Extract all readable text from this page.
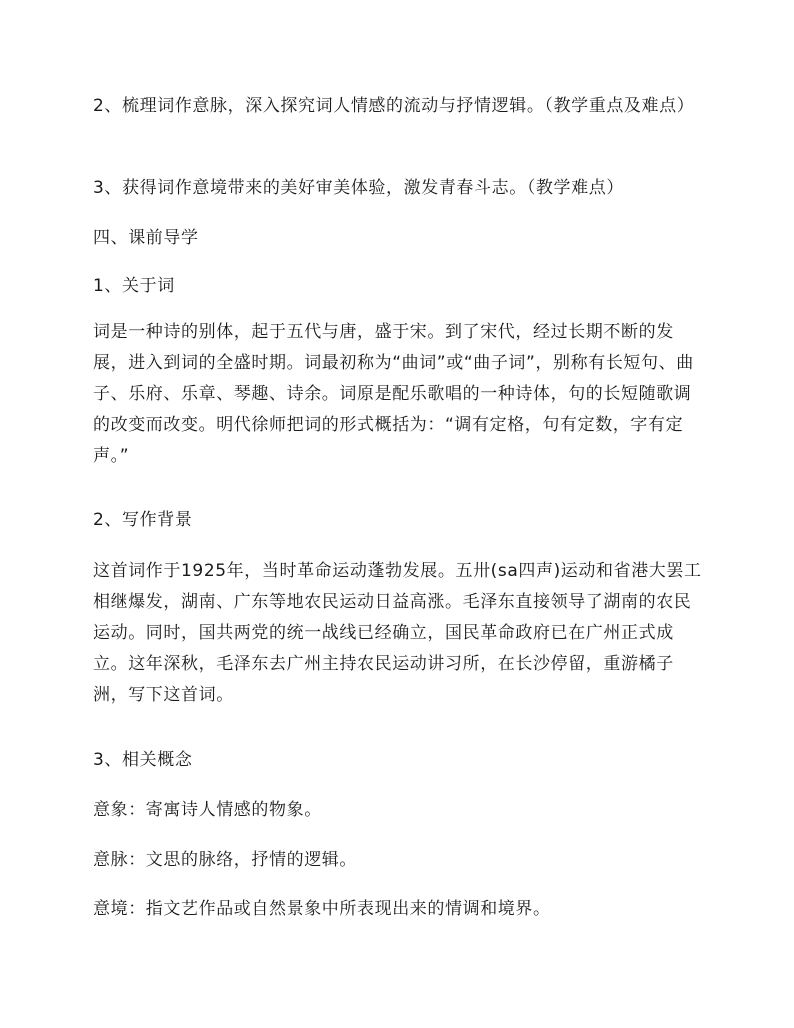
2、梳理词作意脉，深入探究词人情感的流动与抒情逻辑。（教学重点及难点）

3、获得词作意境带来的美好审美体验，激发青春斗志。（教学难点）

四、课前导学

1、关于词

词是一种诗的别体，起于五代与唐，盛于宋。到了宋代，经过长期不断的发展，进入到词的全盛时期。词最初称为“曲词”或“曲子词”，别称有长短句、曲子、乐府、乐章、琴趣、诗余。词原是配乐歌唱的一种诗体，句的长短随歌调的改变而改变。明代徐师把词的形式概括为：“调有定格，句有定数，字有定声。”

2、写作背景

这首词作于1925年，当时革命运动蓬勃发展。五卅(sa四声)运动和省港大罢工相继爆发，湖南、广东等地农民运动日益高涨。毛泽东直接领导了湖南的农民运动。同时，国共两党的统一战线已经确立，国民革命政府已在广州正式成立。这年深秋，毛泽东去广州主持农民运动讲习所，在长沙停留，重游橘子洲，写下这首词。

3、相关概念

意象：寄寓诗人情感的物象。

意脉：文思的脉络，抒情的逻辑。

意境：指文艺作品或自然景象中所表现出来的情调和境界。
